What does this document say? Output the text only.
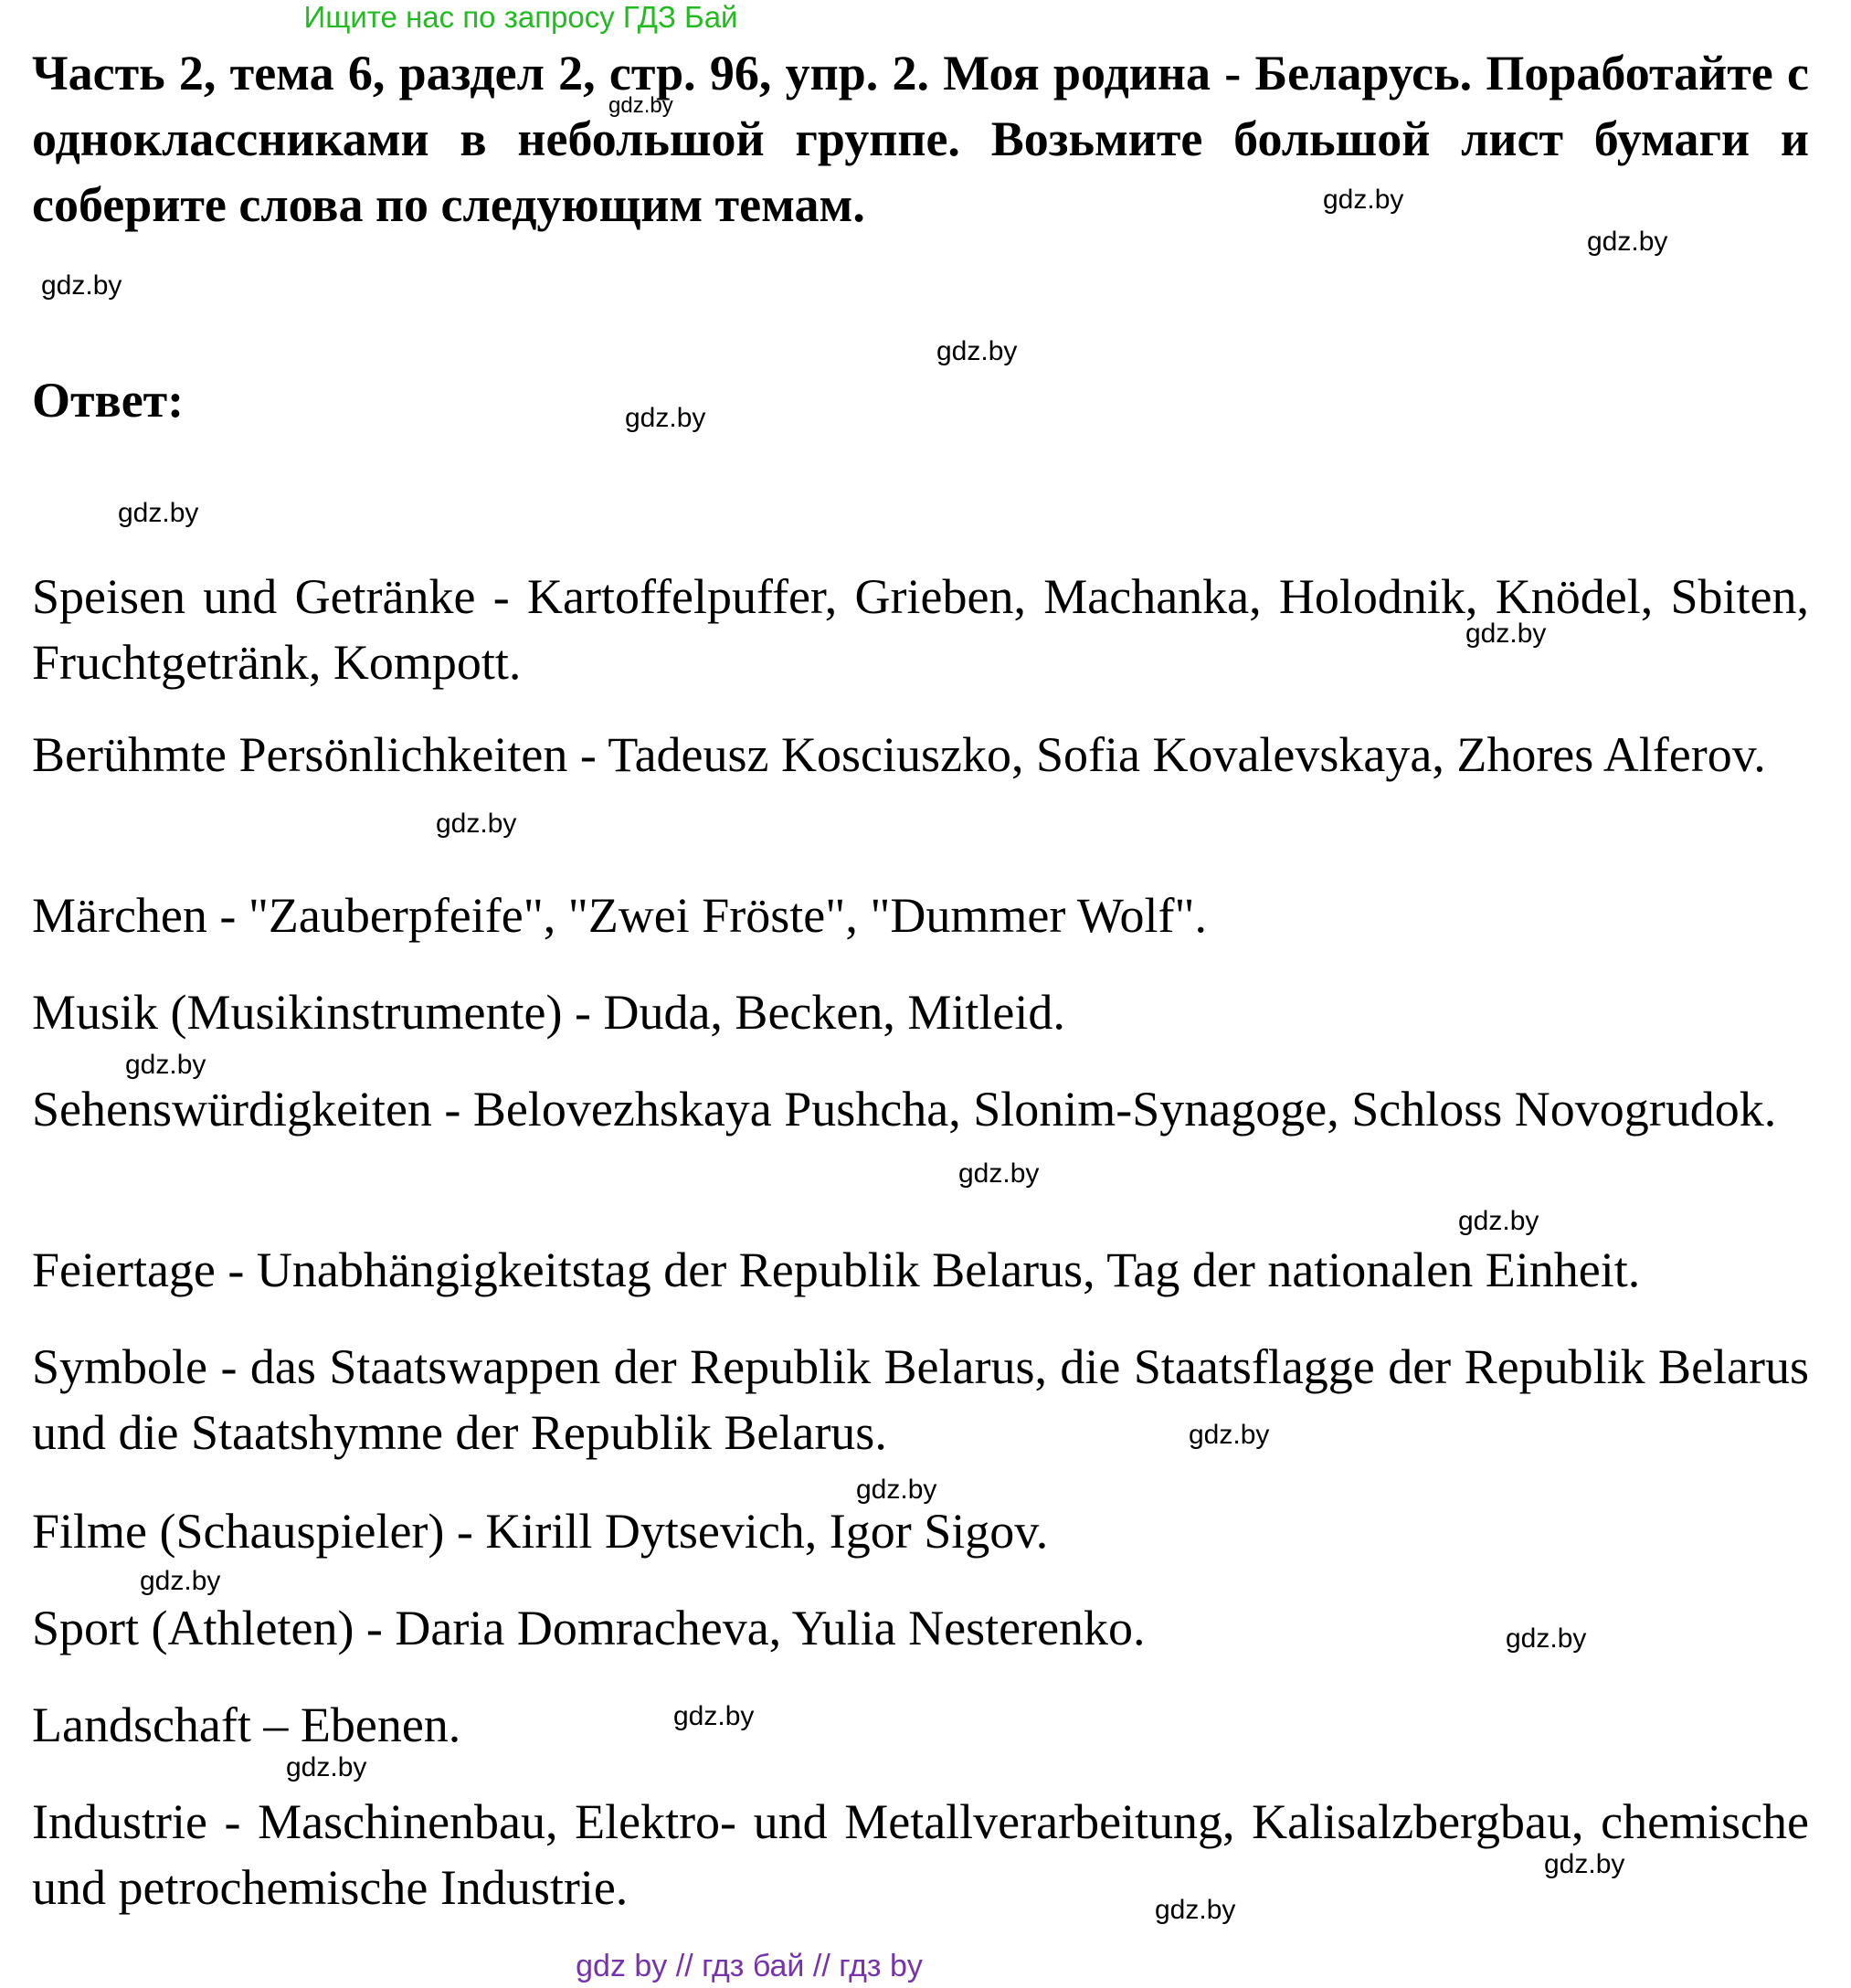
Ищите нас по запросу ГДЗ Бай

Часть 2, тема 6, раздел 2, стр. 96, упр. 2. Моя родина - Беларусь. Поработайте с одноклассниками в небольшой группе. Возьмите большой лист бумаги и соберите слова по следующим темам.

Ответ:

Speisen und Getränke - Kartoffelpuffer, Grieben, Machanka, Holodnik, Knödel, Sbiten, Fruchtgetränk, Kompott.

Berühmte Persönlichkeiten - Tadeusz Kosciuszko, Sofia Kovalevskaya, Zhores Alferov.

Märchen - "Zauberpfeife", "Zwei Fröste", "Dummer Wolf".

Musik (Musikinstrumente) - Duda, Becken, Mitleid.

Sehenswürdigkeiten - Belovezhskaya Pushcha, Slonim-Synagoge, Schloss Novogrudok.

Feiertage - Unabhängigkeitstag der Republik Belarus, Tag der nationalen Einheit.

Symbole - das Staatswappen der Republik Belarus, die Staatsflagge der Republik Belarus und die Staatshymne der Republik Belarus.

Filme (Schauspieler) - Kirill Dytsevich, Igor Sigov.

Sport (Athleten) - Daria Domracheva, Yulia Nesterenko.

Landschaft – Ebenen.

Industrie - Maschinenbau, Elektro- und Metallverarbeitung, Kalisalzbergbau, chemische und petrochemische Industrie.

gdz.by
gdz.by
gdz.by
gdz.by
gdz.by
gdz.by
gdz.by
gdz.by
gdz.by
gdz.by
gdz.by
gdz.by
gdz.by
gdz.by
gdz.by
gdz.by
gdz.by
gdz.by
gdz.by
gdz.by
gdz by // гдз бай // гдз by
